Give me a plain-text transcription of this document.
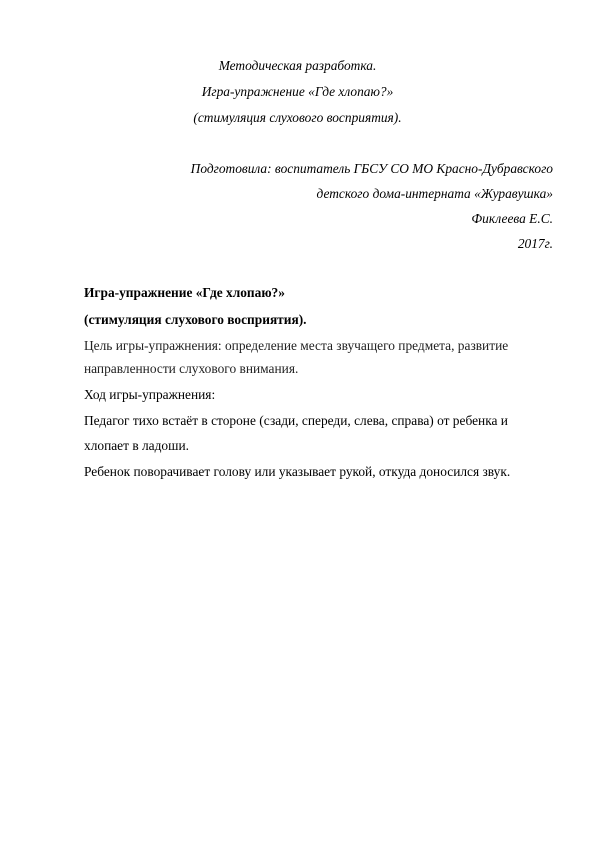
Методическая разработка.
Игра-упражнение «Где хлопаю?»
(стимуляция слухового восприятия).
Подготовила: воспитатель ГБСУ СО МО Красно-Дубравского
детского дома-интерната «Журавушка»
Фиклеева Е.С.
2017г.
Игра-упражнение «Где хлопаю?»
(стимуляция слухового восприятия).
Цель игры-упражнения: определение места звучащего предмета, развитие
направленности слухового внимания.
Ход игры-упражнения:
Педагог тихо встаёт в стороне (сзади, спереди, слева, справа) от ребенка и
хлопает в ладоши.
Ребенок поворачивает голову или указывает рукой, откуда доносился звук.
